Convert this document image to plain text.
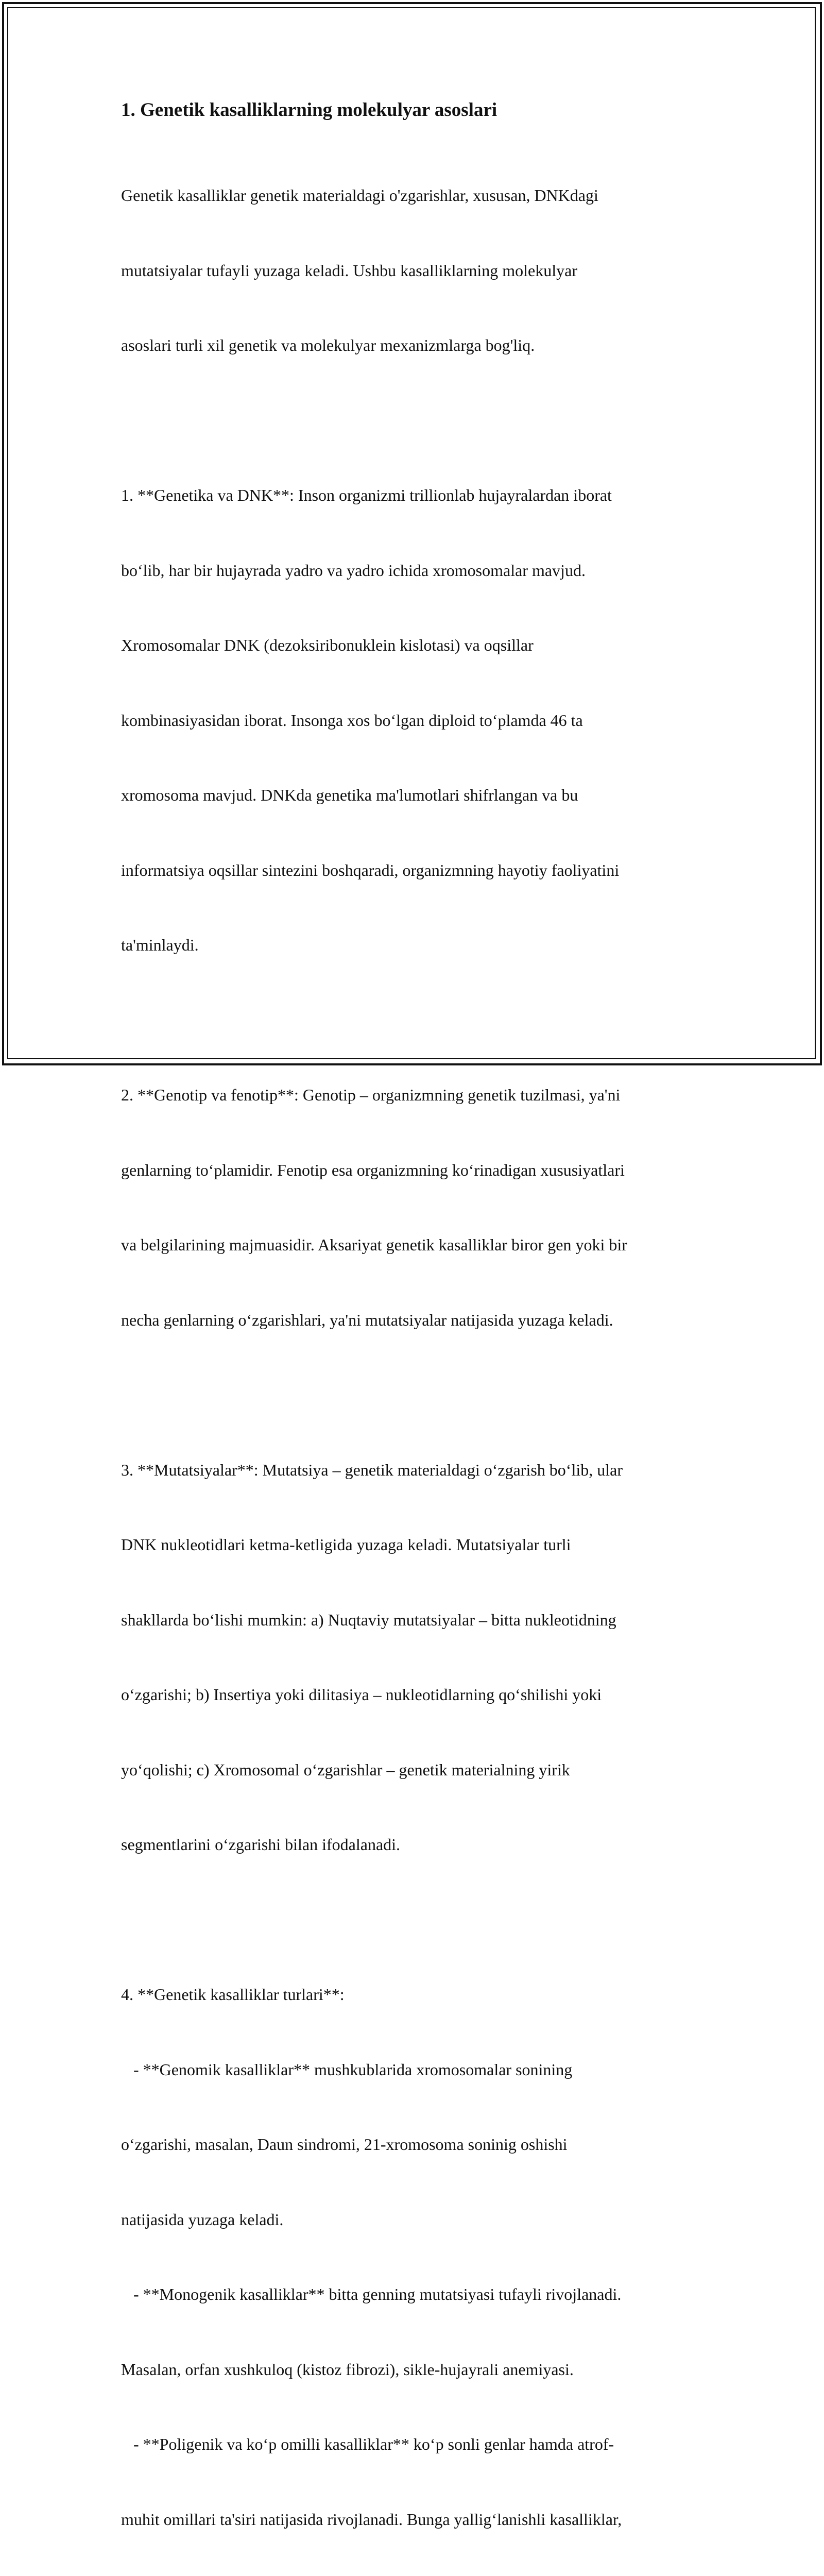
1. Genetik kasalliklarning molekulyar asoslari

Genetik kasalliklar genetik materialdagi o'zgarishlar, xususan, DNKdagi

mutatsiyalar tufayli yuzaga keladi. Ushbu kasalliklarning molekulyar

asoslari turli xil genetik va molekulyar mexanizmlarga bog'liq.

1. **Genetika va DNK**: Inson organizmi trillionlab hujayralardan iborat

bo‘lib, har bir hujayrada yadro va yadro ichida xromosomalar mavjud.

Xromosomalar DNK (dezoksiribonuklein kislotasi) va oqsillar

kombinasiyasidan iborat. Insonga xos bo‘lgan diploid to‘plamda 46 ta

xromosoma mavjud. DNKda genetika ma'lumotlari shifrlangan va bu

informatsiya oqsillar sintezini boshqaradi, organizmning hayotiy faoliyatini

ta'minlaydi.

2. **Genotip va fenotip**: Genotip – organizmning genetik tuzilmasi, ya'ni

genlarning to‘plamidir. Fenotip esa organizmning ko‘rinadigan xususiyatlari

va belgilarining majmuasidir. Aksariyat genetik kasalliklar biror gen yoki bir

necha genlarning o‘zgarishlari, ya'ni mutatsiyalar natijasida yuzaga keladi.

3. **Mutatsiyalar**: Mutatsiya – genetik materialdagi o‘zgarish bo‘lib, ular

DNK nukleotidlari ketma-ketligida yuzaga keladi. Mutatsiyalar turli

shakllarda bo‘lishi mumkin: a) Nuqtaviy mutatsiyalar – bitta nukleotidning

o‘zgarishi; b) Insertiya yoki dilitasiya – nukleotidlarning qo‘shilishi yoki

yo‘qolishi; c) Xromosomal o‘zgarishlar – genetik materialning yirik

segmentlarini o‘zgarishi bilan ifodalanadi.

4. **Genetik kasalliklar turlari**:

- **Genomik kasalliklar** mushkublarida xromosomalar sonining

o‘zgarishi, masalan, Daun sindromi, 21-xromosoma soninig oshishi

natijasida yuzaga keladi.

- **Monogenik kasalliklar** bitta genning mutatsiyasi tufayli rivojlanadi.

Masalan, orfan xushkuloq (kistoz fibrozi), sikle-hujayrali anemiyasi.

- **Poligenik va ko‘p omilli kasalliklar** ko‘p sonli genlar hamda atrof-

muhit omillari ta'siri natijasida rivojlanadi. Bunga yallig‘lanishli kasalliklar,
